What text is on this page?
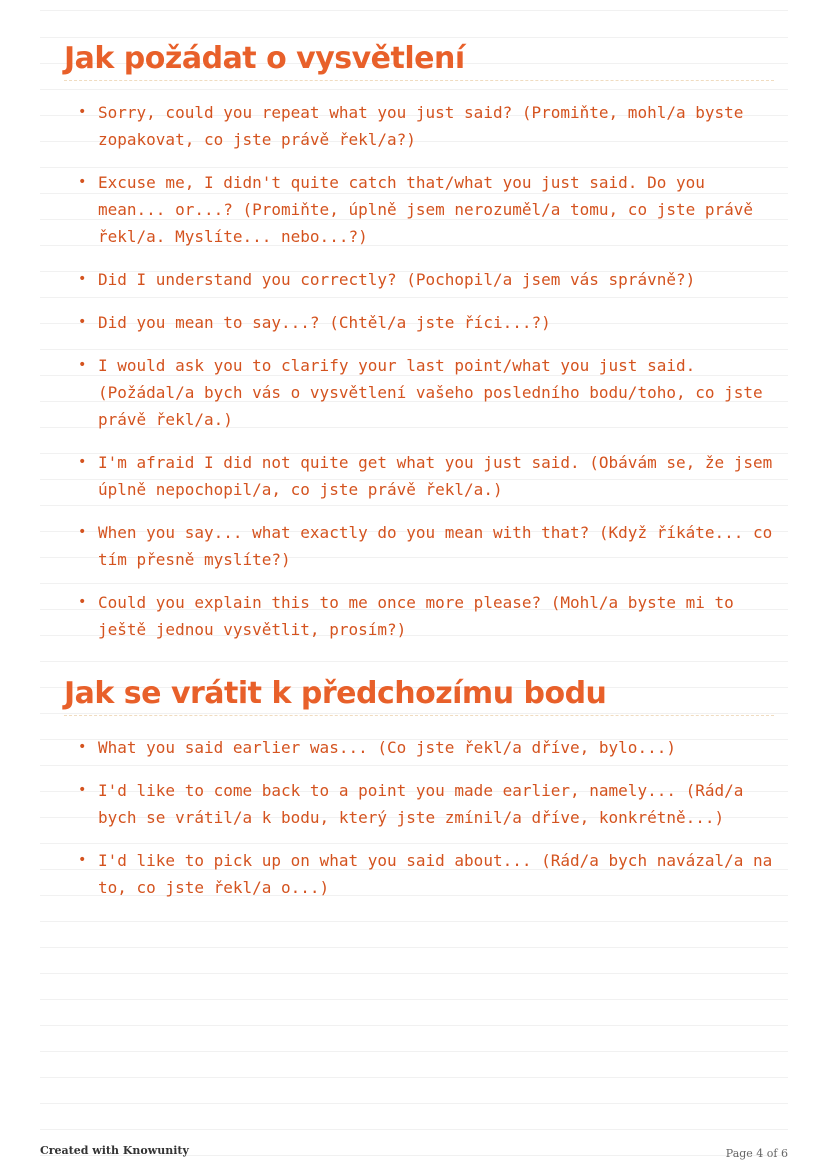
Jak požádat o vysvětlení
• Sorry, could you repeat what you just said? (Promiňte, mohl/a byste zopakovat, co jste právě řekl/a?)
• Excuse me, I didn't quite catch that/what you just said. Do you mean... or...? (Promiňte, úplně jsem nerozuměl/a tomu, co jste právě řekl/a. Myslíte... nebo...?)
• Did I understand you correctly? (Pochopil/a jsem vás správně?)
• Did you mean to say...? (Chtěl/a jste říci...?)
• I would ask you to clarify your last point/what you just said. (Požádal/a bych vás o vysvětlení vašeho posledního bodu/toho, co jste právě řekl/a.)
• I'm afraid I did not quite get what you just said. (Obávám se, že jsem úplně nepochopil/a, co jste právě řekl/a.)
• When you say... what exactly do you mean with that? (Když říkáte... co tím přesně myslíte?)
• Could you explain this to me once more please? (Mohl/a byste mi to ještě jednou vysvětlit, prosím?)
Jak se vrátit k předchozímu bodu
• What you said earlier was... (Co jste řekl/a dříve, bylo...)
• I'd like to come back to a point you made earlier, namely... (Rád/a bych se vrátil/a k bodu, který jste zmínil/a dříve, konkrétně...)
• I'd like to pick up on what you said about... (Rád/a bych navázal/a na to, co jste řekl/a o...)
Created with Knowunity	Page 4 of 6
